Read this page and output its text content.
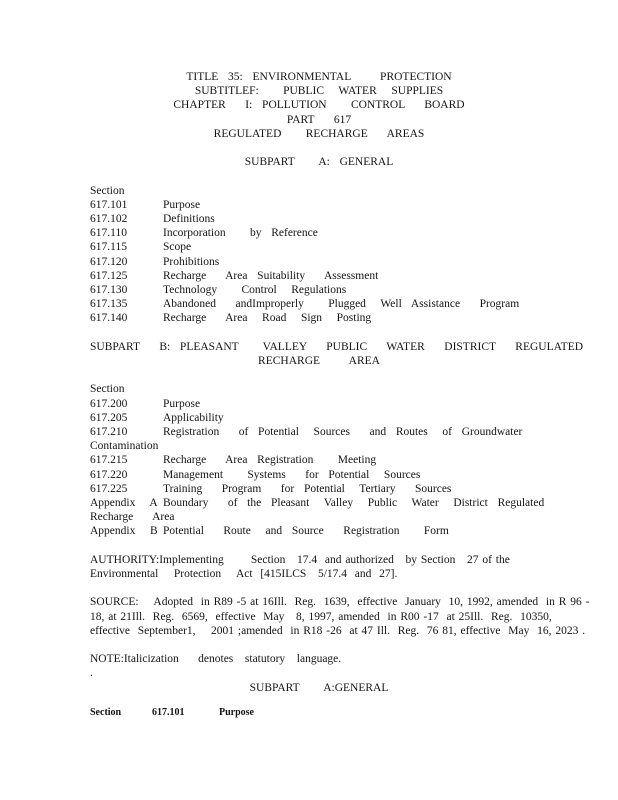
TITLE  35:  ENVIRONMENTAL      PROTECTION
SUBTITLEF:     PUBLIC   WATER   SUPPLIES
CHAPTER    I:  POLLUTION     CONTROL    BOARD
PART    617
REGULATED     RECHARGE    AREAS
SUBPART     A:  GENERAL
Section
617.101	Purpose
617.102	Definitions
617.110	Incorporation     by  Reference
617.115	Scope
617.120	Prohibitions
617.125	Recharge    Area  Suitability    Assessment
617.130	Technology     Control   Regulations
617.135	Abandoned    andImproperly     Plugged   Well  Assistance    Program
617.140	Recharge    Area   Road   Sign   Posting
SUBPART    B:  PLEASANT     VALLEY    PUBLIC    WATER    DISTRICT    REGULATED
RECHARGE      AREA
Section
617.200	Purpose
617.205	Applicability
617.210	Registration    of  Potential   Sources    and  Routes   of  Groundwater
Contamination
617.215	Recharge    Area  Registration     Meeting
617.220	Management     Systems    for  Potential   Sources
617.225	Training    Program    for  Potential   Tertiary    Sources
Appendix   A Boundary    of  the  Pleasant   Valley   Public   Water   District  Regulated
Recharge    Area
Appendix   B Potential    Route   and  Source    Registration     Form
AUTHORITY:Implementing       Section   17.4  and authorized   by Section   27 of the
Environmental    Protection    Act  [415ILCS   5/17.4  and  27].
SOURCE:    Adopted  in R89 -5 at 16Ill.  Reg.  1639,  effective  January  10, 1992, amended  in R 96 -
18, at 21Ill.  Reg.  6569,  effective  May   8, 1997, amended  in R00 -17  at 25Ill.  Reg.  10350,
effective  September1,    2001 ;amended  in R18 -26  at 47 Ill.  Reg.  76 81, effective  May  16, 2023 .
NOTE:Italicization     denotes   statutory   language.
.
SUBPART     A:GENERAL
Section	617.101	Purpose
